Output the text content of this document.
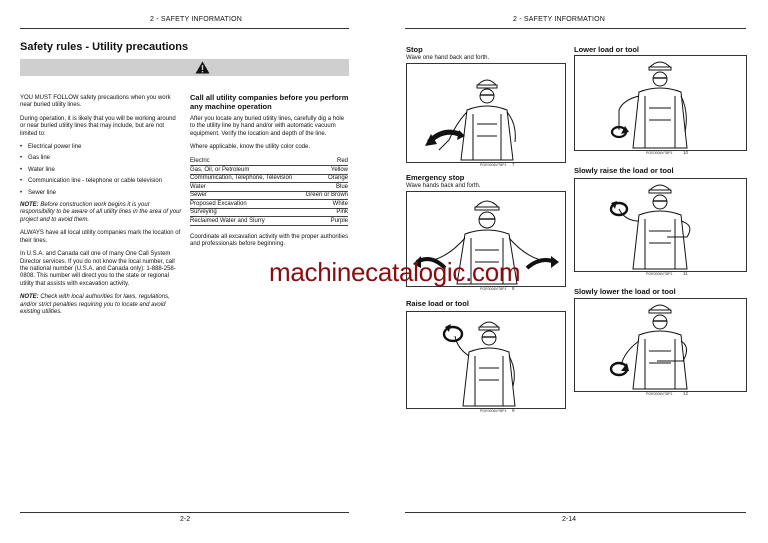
2 - SAFETY INFORMATION
Safety rules - Utility precautions

YOU MUST FOLLOW safety precautions when you work near buried utility lines.

During operation, it is likely that you will be working around or near buried utility lines that may include, but are not limited to:

• Electrical power line
• Gas line
• Water line
• Communication line - telephone or cable television
• Sewer line

NOTE: Before construction work begins it is your responsibility to be aware of all utility lines in the area of your project and to avoid them.

ALWAYS have all local utility companies mark the location of their lines.

In U.S.A. and Canada call one of many One Call System Director services. If you do not know the local number, call the national number (U.S.A. and Canada only): 1-888-258-0808. This number will direct you to the state or regional utility that assists with excavation activity.

NOTE: Check with local authorities for laws, regulations, and/or strict penalties requiring you to locate and avoid existing utilities.

Call all utility companies before you perform any machine operation

After you locate any buried utility lines, carefully dig a hole to the utility line by hand and/or with automatic vacuum equipment. Verify the location and depth of the line.

Where applicable, know the utility color code.

Electric	Red
Gas, Oil, or Petroleum	Yellow
Communication, Telephone, Television	Orange
Water	Blue
Sewer	Green or Brown
Proposed Excavation	White
Surveying	Pink
Reclaimed Water and Slurry	Purple

Coordinate all excavation activity with the proper authorities and professionals before beginning.

2-2
2 - SAFETY INFORMATION
Stop
Wave one hand back and forth.
PGE0006VT8P1 7
Emergency stop
Wave hands back and forth.
PGE0006VT8P1 8
Raise load or tool
PGE0006VT8P1 9
Lower load or tool
PGE0006VT8P1 10
Slowly raise the load or tool
PGE0006VT8P1 11
Slowly lower the load or tool
PGE0006VT8P1 12
2-14
machinecatalogic.com
